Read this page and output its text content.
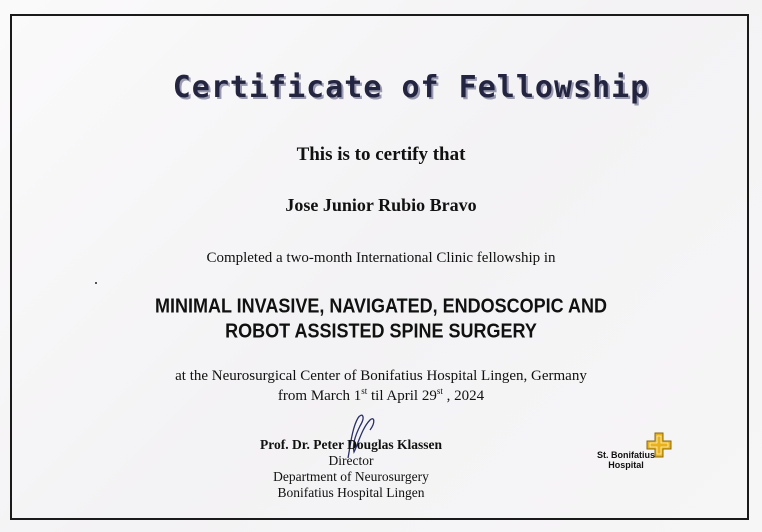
Certificate of Fellowship
This is to certify that
Jose Junior Rubio Bravo
Completed a two-month International Clinic fellowship in
MINIMAL INVASIVE, NAVIGATED, ENDOSCOPIC AND
ROBOT ASSISTED SPINE SURGERY
at the Neurosurgical Center of Bonifatius Hospital Lingen, Germany
from March 1st til April 29st , 2024
Prof. Dr. Peter Douglas Klassen
Director
Department of Neurosurgery
Bonifatius Hospital Lingen
St. Bonifatius
Hospital
